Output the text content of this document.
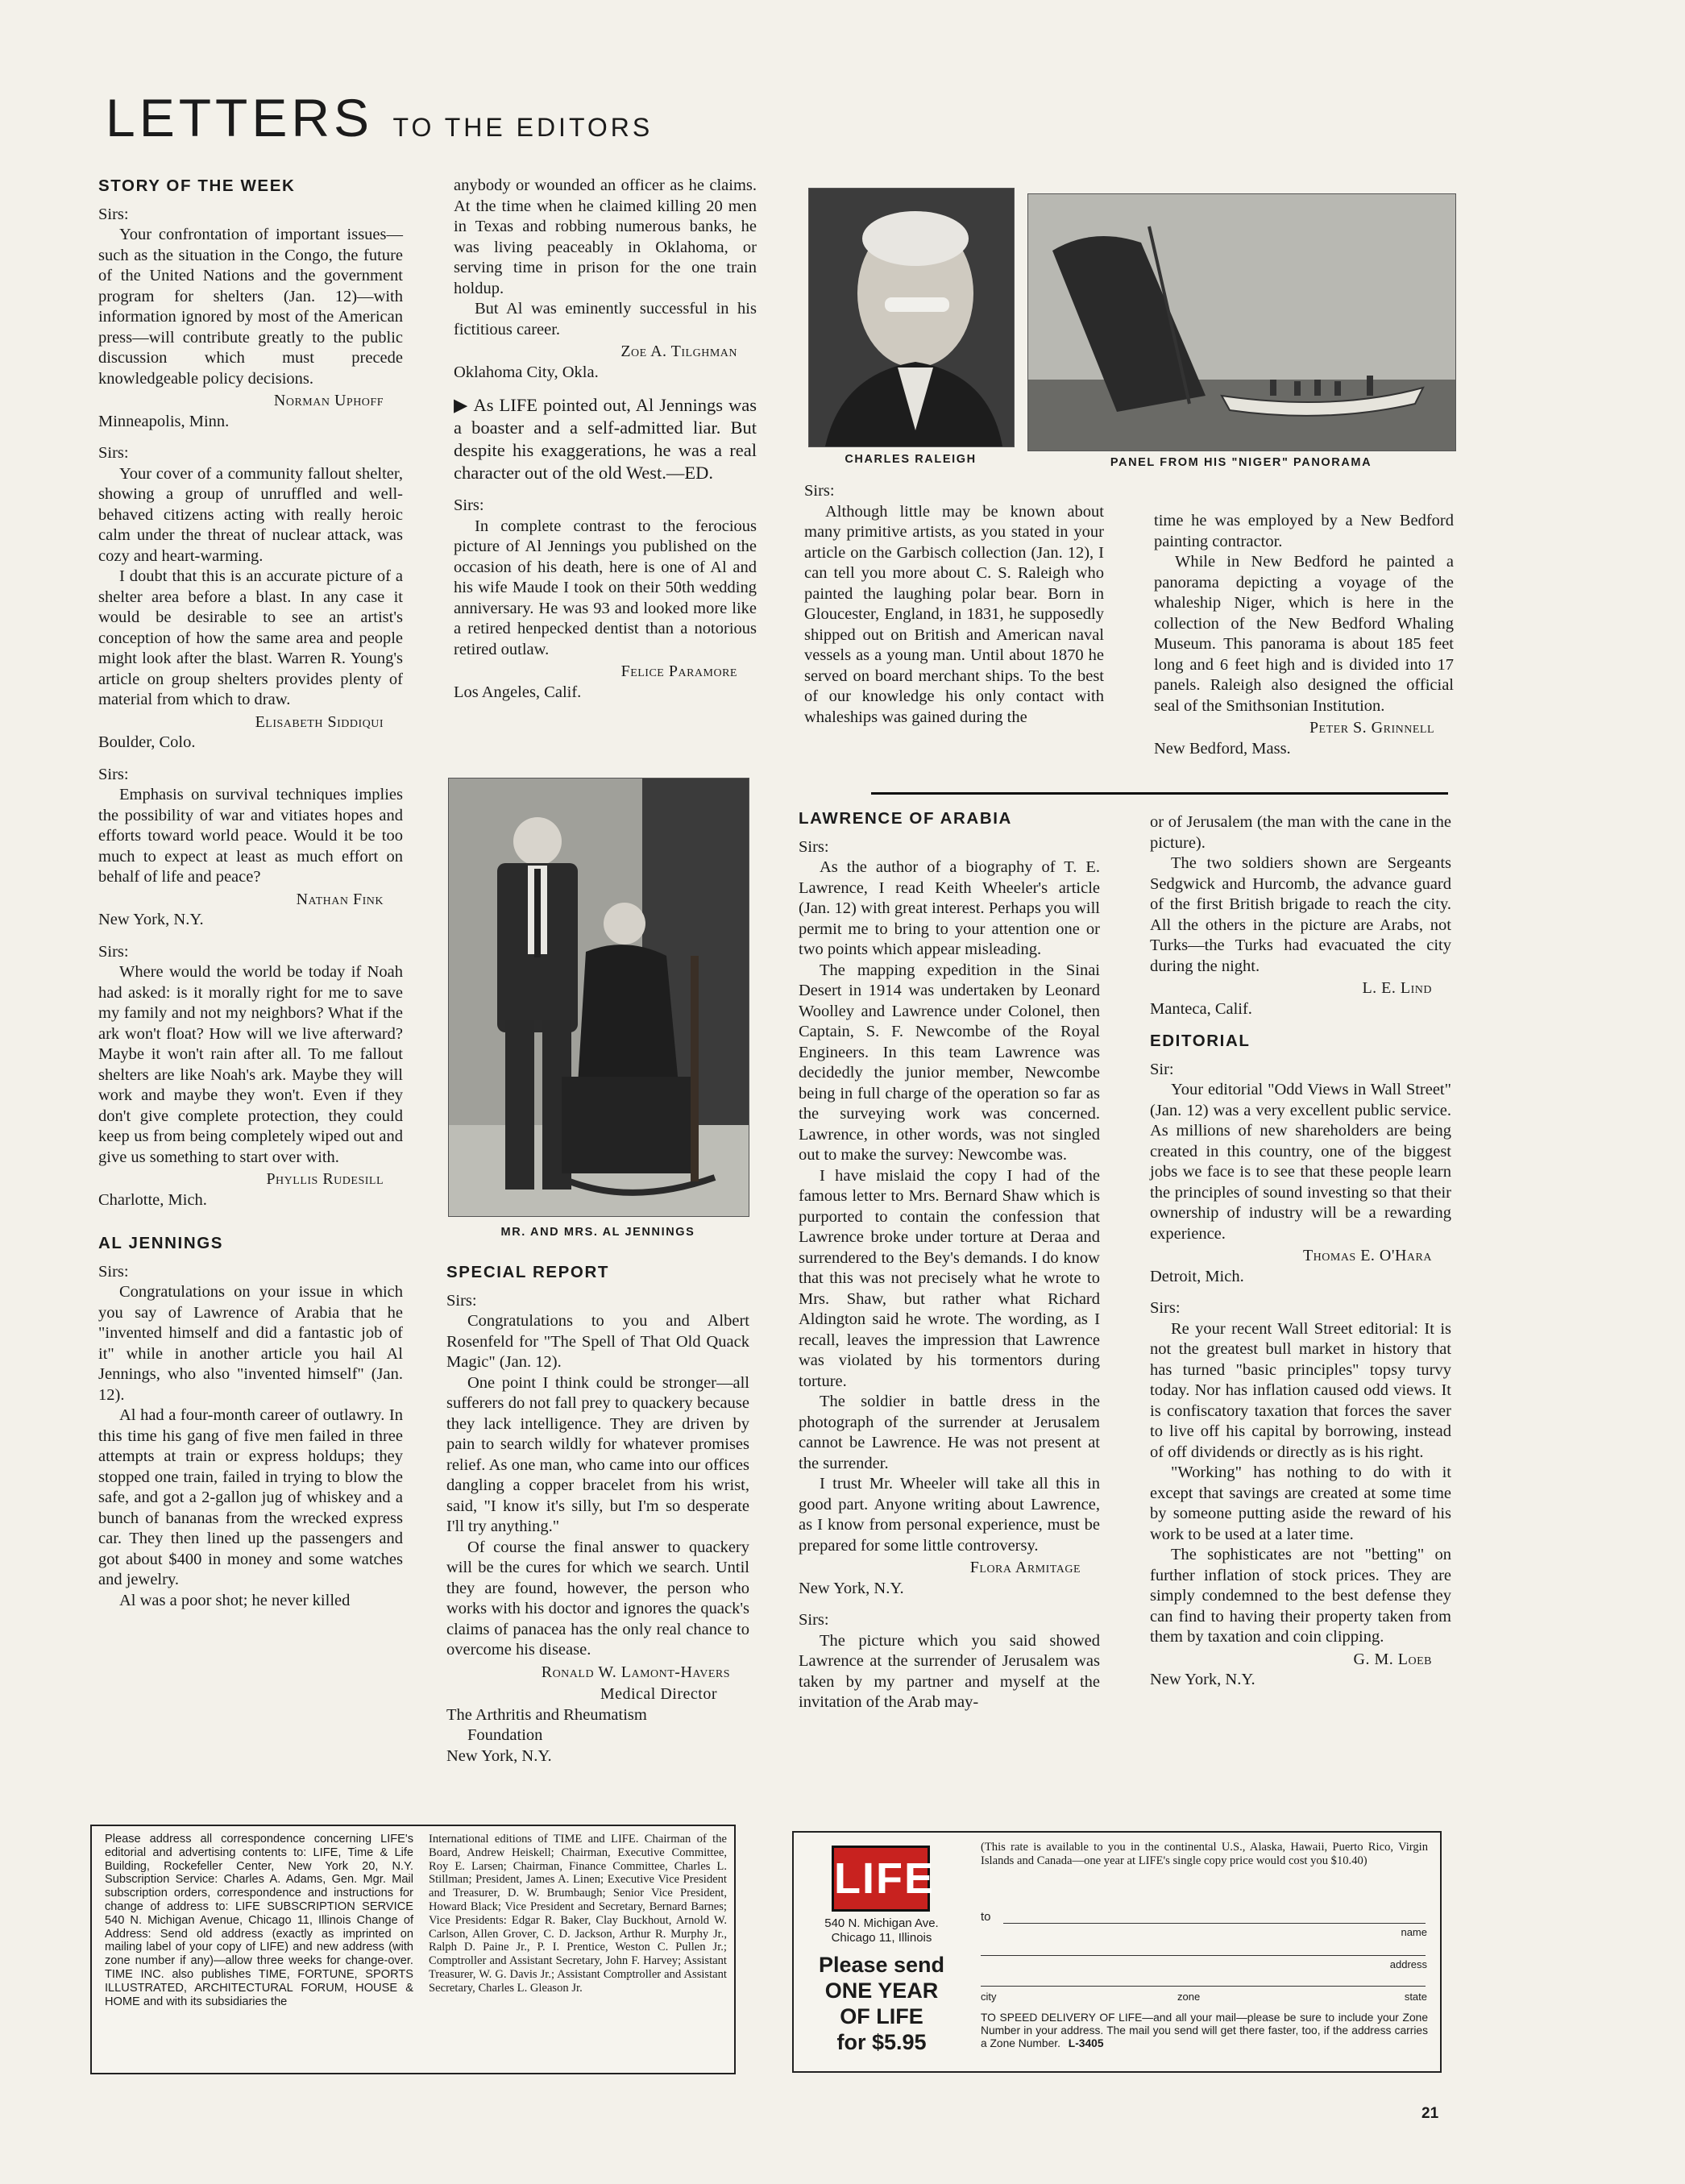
LETTERS TO THE EDITORS
STORY OF THE WEEK
Sirs:

Your confrontation of important issues—such as the situation in the Congo, the future of the United Nations and the government program for shelters (Jan. 12)—with information ignored by most of the American press—will contribute greatly to the public discussion which must precede knowledgeable policy decisions.

Norman Uphoff
Minneapolis, Minn.
Sirs:

Your cover of a community fallout shelter, showing a group of unruffled and well-behaved citizens acting with really heroic calm under the threat of nuclear attack, was cozy and heart-warming.

I doubt that this is an accurate picture of a shelter area before a blast. In any case it would be desirable to see an artist's conception of how the same area and people might look after the blast. Warren R. Young's article on group shelters provides plenty of material from which to draw.

Elisabeth Siddiqui
Boulder, Colo.
Sirs:

Emphasis on survival techniques implies the possibility of war and vitiates hopes and efforts toward world peace. Would it be too much to expect at least as much effort on behalf of life and peace?

Nathan Fink
New York, N.Y.
Sirs:

Where would the world be today if Noah had asked: is it morally right for me to save my family and not my neighbors? What if the ark won't float? How will we live afterward? Maybe it won't rain after all. To me fallout shelters are like Noah's ark. Maybe they will work and maybe they won't. Even if they don't give complete protection, they could keep us from being completely wiped out and give us something to start over with.

Phyllis Rudesill
Charlotte, Mich.
AL JENNINGS
Sirs:

Congratulations on your issue in which you say of Lawrence of Arabia that he "invented himself and did a fantastic job of it" while in another article you hail Al Jennings, who also "invented himself" (Jan. 12).

Al had a four-month career of outlawry. In this time his gang of five men failed in three attempts at train or express holdups; they stopped one train, failed in trying to blow the safe, and got a 2-gallon jug of whiskey and a bunch of bananas from the wrecked express car. They then lined up the passengers and got about $400 in money and some watches and jewelry.

Al was a poor shot; he never killed

anybody or wounded an officer as he claims. At the time when he claimed killing 20 men in Texas and robbing numerous banks, he was living peaceably in Oklahoma, or serving time in prison for the one train holdup.

But Al was eminently successful in his fictitious career.

Zoe A. Tilghman
Oklahoma City, Okla.

▶ As LIFE pointed out, Al Jennings was a boaster and a self-admitted liar. But despite his exaggerations, he was a real character out of the old West.—ED.

Sirs:

In complete contrast to the ferocious picture of Al Jennings you published on the occasion of his death, here is one of Al and his wife Maude I took on their 50th wedding anniversary. He was 93 and looked more like a retired henpecked dentist than a notorious retired outlaw.

Felice Paramore
Los Angeles, Calif.
MR. AND MRS. AL JENNINGS
SPECIAL REPORT
Sirs:

Congratulations to you and Albert Rosenfeld for "The Spell of That Old Quack Magic" (Jan. 12).

One point I think could be stronger—all sufferers do not fall prey to quackery because they lack intelligence. They are driven by pain to search wildly for whatever promises relief. As one man, who came into our offices dangling a copper bracelet from his wrist, said, "I know it's silly, but I'm so desperate I'll try anything."

Of course the final answer to quackery will be the cures for which we search. Until they are found, however, the person who works with his doctor and ignores the quack's claims of panacea has the only real chance to overcome his disease.

Ronald W. Lamont-Havers
Medical Director
The Arthritis and Rheumatism
Foundation
New York, N.Y.
CHARLES RALEIGH	PANEL FROM HIS "NIGER" PANORAMA
Sirs:

Although little may be known about many primitive artists, as you stated in your article on the Garbisch collection (Jan. 12), I can tell you more about C. S. Raleigh who painted the laughing polar bear. Born in Gloucester, England, in 1831, he supposedly shipped out on British and American naval vessels as a young man. Until about 1870 he served on board merchant ships. To the best of our knowledge his only contact with whaleships was gained during the

time he was employed by a New Bedford painting contractor.

While in New Bedford he painted a panorama depicting a voyage of the whaleship Niger, which is here in the collection of the New Bedford Whaling Museum. This panorama is about 185 feet long and 6 feet high and is divided into 17 panels. Raleigh also designed the official seal of the Smithsonian Institution.

Peter S. Grinnell
New Bedford, Mass.
LAWRENCE OF ARABIA
Sirs:

As the author of a biography of T. E. Lawrence, I read Keith Wheeler's article (Jan. 12) with great interest. Perhaps you will permit me to bring to your attention one or two points which appear misleading.

The mapping expedition in the Sinai Desert in 1914 was undertaken by Leonard Woolley and Lawrence under Colonel, then Captain, S. F. Newcombe of the Royal Engineers. In this team Lawrence was decidedly the junior member, Newcombe being in full charge of the operation so far as the surveying work was concerned. Lawrence, in other words, was not singled out to make the survey: Newcombe was.

I have mislaid the copy I had of the famous letter to Mrs. Bernard Shaw which is purported to contain the confession that Lawrence broke under torture at Deraa and surrendered to the Bey's demands. I do know that this was not precisely what he wrote to Mrs. Shaw, but rather what Richard Aldington said he wrote. The wording, as I recall, leaves the impression that Lawrence was violated by his tormentors during torture.

The soldier in battle dress in the photograph of the surrender at Jerusalem cannot be Lawrence. He was not present at the surrender.

I trust Mr. Wheeler will take all this in good part. Anyone writing about Lawrence, as I know from personal experience, must be prepared for some little controversy.

Flora Armitage
New York, N.Y.
Sirs:

The picture which you said showed Lawrence at the surrender of Jerusalem was taken by my partner and myself at the invitation of the Arab may-

or of Jerusalem (the man with the cane in the picture).

The two soldiers shown are Sergeants Sedgwick and Hurcomb, the advance guard of the first British brigade to reach the city. All the others in the picture are Arabs, not Turks—the Turks had evacuated the city during the night.

L. E. Lind
Manteca, Calif.
EDITORIAL
Sir:

Your editorial "Odd Views in Wall Street" (Jan. 12) was a very excellent public service. As millions of new shareholders are being created in this country, one of the biggest jobs we face is to see that these people learn the principles of sound investing so that their ownership of industry will be a rewarding experience.

Thomas E. O'Hara
Detroit, Mich.
Sirs:

Re your recent Wall Street editorial: It is not the greatest bull market in history that has turned "basic principles" topsy turvy today. Nor has inflation caused odd views. It is confiscatory taxation that forces the saver to live off his capital by borrowing, instead of off dividends or directly as is his right.

"Working" has nothing to do with it except that savings are created at some time by someone putting aside the reward of his work to be used at a later time.

The sophisticates are not "betting" on further inflation of stock prices. They are simply condemned to the best defense they can find to having their property taken from them by taxation and coin clipping.

G. M. Loeb
New York, N.Y.
Please address all correspondence concerning LIFE's editorial and advertising contents to: LIFE, Time & Life Building, Rockefeller Center, New York 20, N.Y. Subscription Service: Charles A. Adams, Gen. Mgr. Mail subscription orders, correspondence and instructions for change of address to: LIFE SUBSCRIPTION SERVICE 540 N. Michigan Avenue, Chicago 11, Illinois Change of Address: Send old address (exactly as imprinted on mailing label of your copy of LIFE) and new address (with zone number if any)—allow three weeks for change-over. TIME INC. also publishes TIME, FORTUNE, SPORTS ILLUSTRATED, ARCHITECTURAL FORUM, HOUSE & HOME and with its subsidiaries the
International editions of TIME and LIFE. Chairman of the Board, Andrew Heiskell; Chairman, Executive Committee, Roy E. Larsen; Chairman, Finance Committee, Charles L. Stillman; President, James A. Linen; Executive Vice President and Treasurer, D. W. Brumbaugh; Senior Vice President, Howard Black; Vice President and Secretary, Bernard Barnes; Vice Presidents: Edgar R. Baker, Clay Buckhout, Arnold W. Carlson, Allen Grover, C. D. Jackson, Arthur R. Murphy Jr., Ralph D. Paine Jr., P. I. Prentice, Weston C. Pullen Jr.; Comptroller and Assistant Secretary, John F. Harvey; Assistant Treasurer, W. G. Davis Jr.; Assistant Comptroller and Assistant Secretary, Charles L. Gleason Jr.
LIFE
540 N. Michigan Ave.
Chicago 11, Illinois
Please send
ONE YEAR
OF LIFE
for $5.95
(This rate is available to you in the continental U.S., Alaska, Hawaii, Puerto Rico, Virgin Islands and Canada—one year at LIFE's single copy price would cost you $10.40)
to
name
address
city	zone	state
TO SPEED DELIVERY OF LIFE—and all your mail—please be sure to include your Zone Number in your address. The mail you send will get there faster, too, if the address carries a Zone Number. L-3405
21
